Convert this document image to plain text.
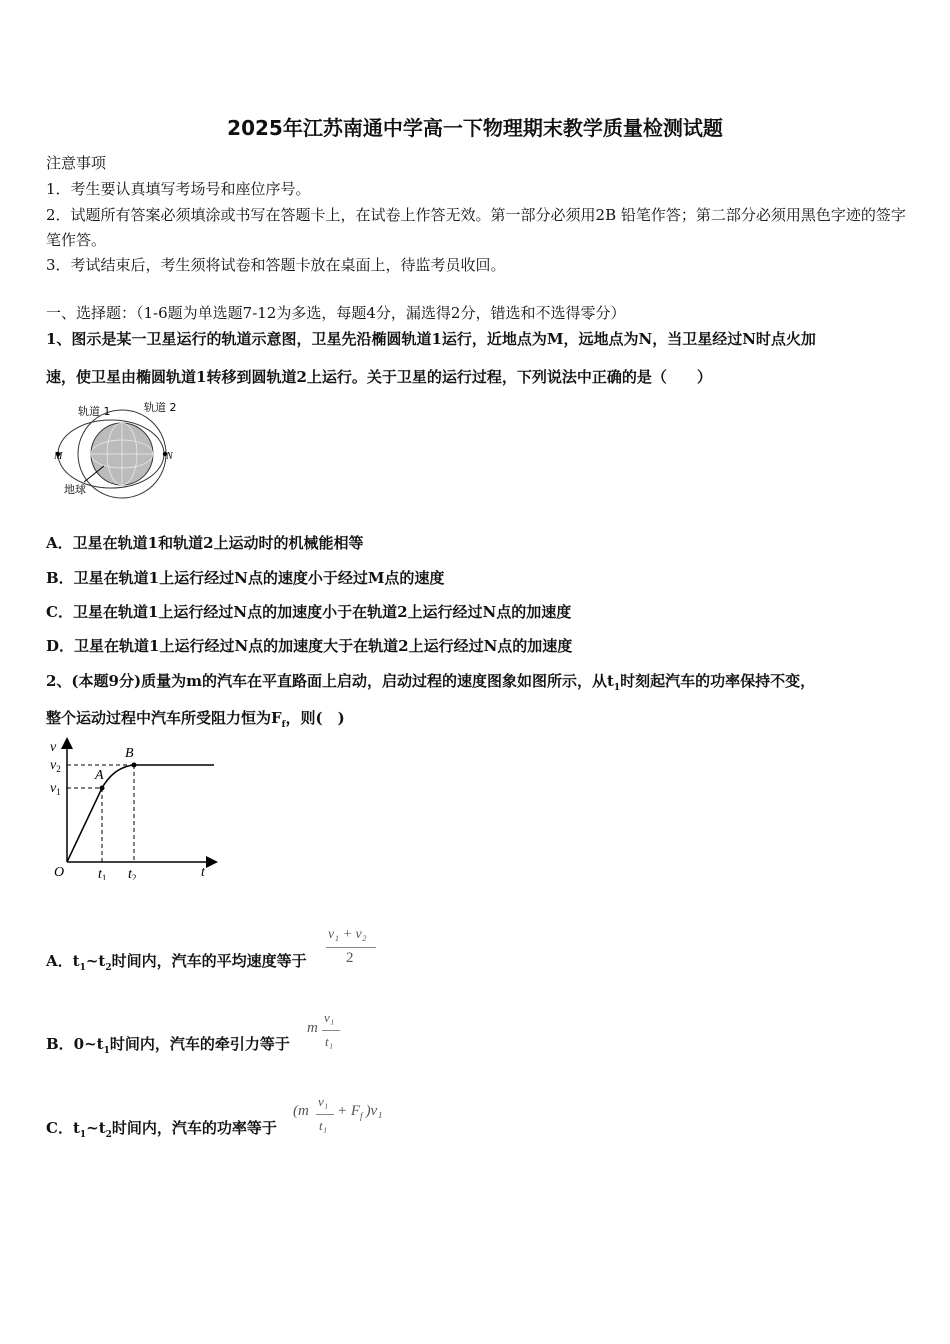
2025年江苏南通中学高一下物理期末教学质量检测试题
注意事项
1．考生要认真填写考场号和座位序号。
2．试题所有答案必须填涂或书写在答题卡上，在试卷上作答无效。第一部分必须用2B 铅笔作答；第二部分必须用黑色字迹的签字笔作答。
3．考试结束后，考生须将试卷和答题卡放在桌面上，待监考员收回。
一、选择题：（1-6题为单选题7-12为多选，每题4分，漏选得2分，错选和不选得零分）
1、图示是某一卫星运行的轨道示意图，卫星先沿椭圆轨道1运行，近地点为M，远地点为N，当卫星经过N时点火加
速，使卫星由椭圆轨道1转移到圆轨道2上运行。关于卫星的运行过程，下列说法中正确的是（　　）
轨道 1	轨道 2
M	N
地球
A．卫星在轨道1和轨道2上运动时的机械能相等
B．卫星在轨道1上运行经过N点的速度小于经过M点的速度
C．卫星在轨道1上运行经过N点的加速度小于在轨道2上运行经过N点的加速度
D．卫星在轨道1上运行经过N点的加速度大于在轨道2上运行经过N点的加速度
2、(本题9分)质量为m的汽车在平直路面上启动，启动过程的速度图象如图所示，从$t_1$时刻起汽车的功率保持不变，
整个运动过程中汽车所受阻力恒为$F_f$，则(　)
v
$v_2$
$v_1$
A
B
O $t_1$ $t_2$	t
A．$t_1\sim t_2$时间内，汽车的平均速度等于
v₁ + v₂
2
B．$0\sim t_1$时间内，汽车的牵引力等于
m
v₁
t₁
C．$t_1\sim t_2$时间内，汽车的功率等于
(m
v₁
t₁
+ $F_f$ )v₁
